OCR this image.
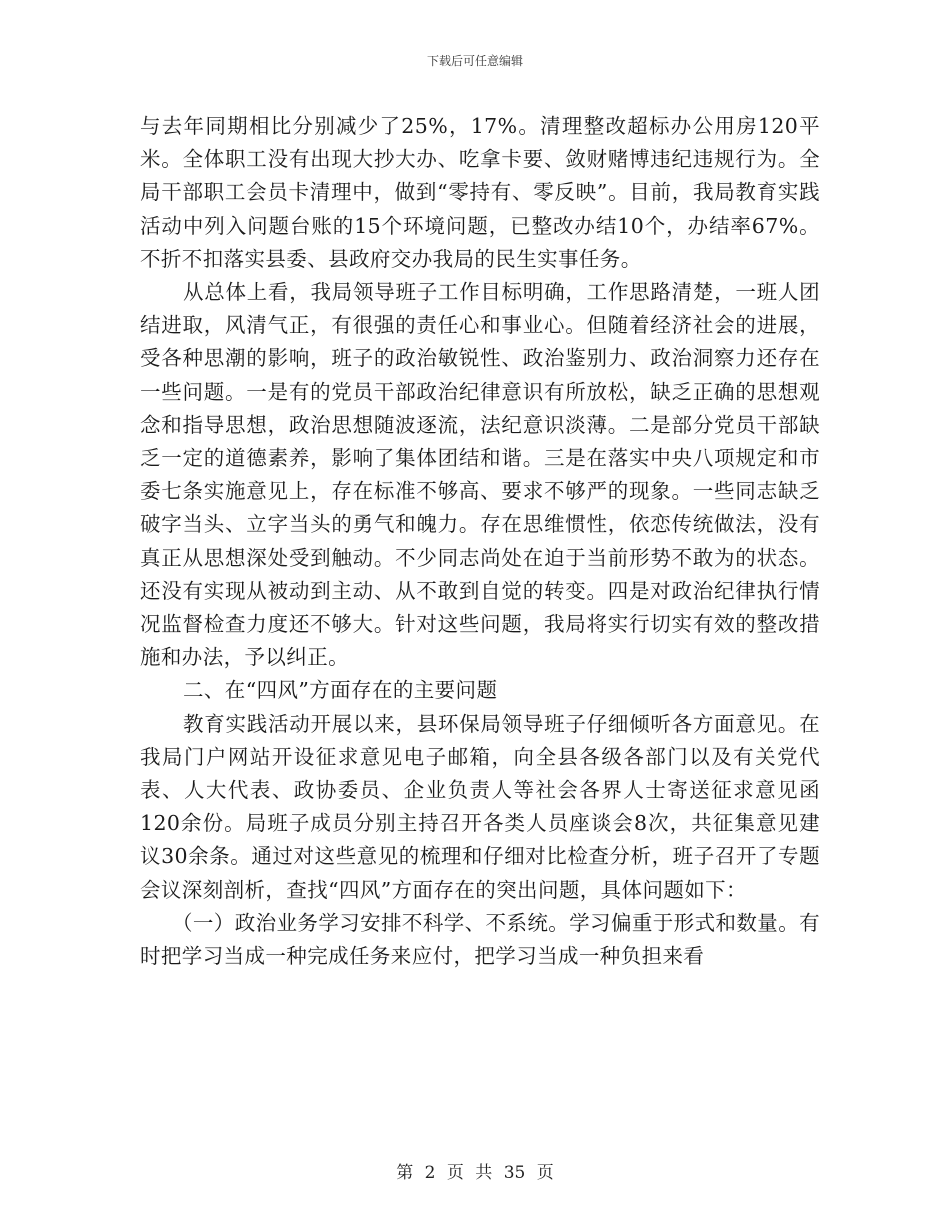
下载后可任意编辑

与去年同期相比分别减少了25%，17%。清理整改超标办公用房120平米。全体职工没有出现大抄大办、吃拿卡要、敛财赌博违纪违规行为。全局干部职工会员卡清理中，做到“零持有、零反映”。目前，我局教育实践活动中列入问题台账的15个环境问题，已整改办结10个，办结率67%。不折不扣落实县委、县政府交办我局的民生实事任务。

从总体上看，我局领导班子工作目标明确，工作思路清楚，一班人团结进取，风清气正，有很强的责任心和事业心。但随着经济社会的进展，受各种思潮的影响，班子的政治敏锐性、政治鉴别力、政治洞察力还存在一些问题。一是有的党员干部政治纪律意识有所放松，缺乏正确的思想观念和指导思想，政治思想随波逐流，法纪意识淡薄。二是部分党员干部缺乏一定的道德素养，影响了集体团结和谐。三是在落实中央八项规定和市委七条实施意见上，存在标准不够高、要求不够严的现象。一些同志缺乏破字当头、立字当头的勇气和魄力。存在思维惯性，依恋传统做法，没有真正从思想深处受到触动。不少同志尚处在迫于当前形势不敢为的状态。还没有实现从被动到主动、从不敢到自觉的转变。四是对政治纪律执行情况监督检查力度还不够大。针对这些问题，我局将实行切实有效的整改措施和办法，予以纠正。

二、在“四风”方面存在的主要问题

教育实践活动开展以来，县环保局领导班子仔细倾听各方面意见。在我局门户网站开设征求意见电子邮箱，向全县各级各部门以及有关党代表、人大代表、政协委员、企业负责人等社会各界人士寄送征求意见函120余份。局班子成员分别主持召开各类人员座谈会8次，共征集意见建议30余条。通过对这些意见的梳理和仔细对比检查分析，班子召开了专题会议深刻剖析，查找“四风”方面存在的突出问题，具体问题如下：

（一）政治业务学习安排不科学、不系统。学习偏重于形式和数量。有时把学习当成一种完成任务来应付，把学习当成一种负担来看

第 2 页 共 35 页
